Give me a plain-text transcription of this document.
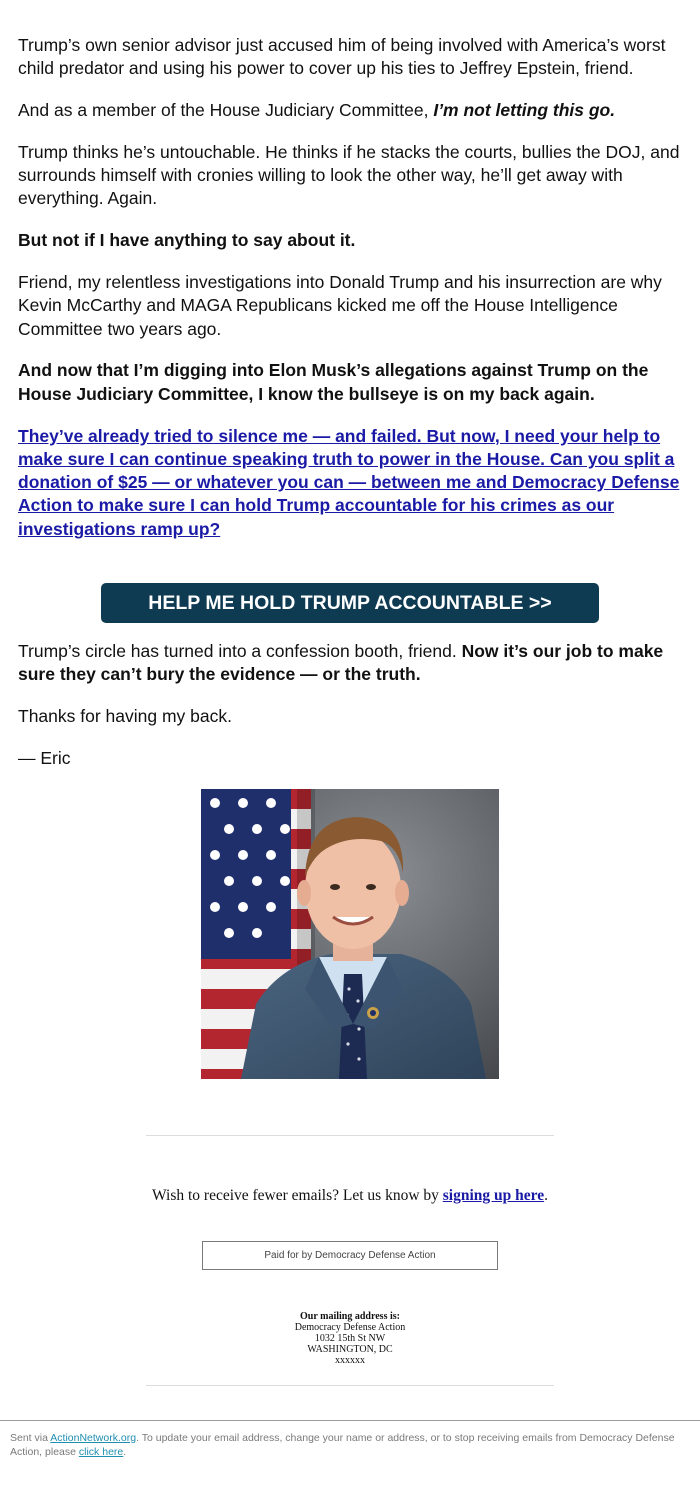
Trump’s own senior advisor just accused him of being involved with America’s worst child predator and using his power to cover up his ties to Jeffrey Epstein, friend.

And as a member of the House Judiciary Committee, I’m not letting this go.

Trump thinks he’s untouchable. He thinks if he stacks the courts, bullies the DOJ, and surrounds himself with cronies willing to look the other way, he’ll get away with everything. Again.

But not if I have anything to say about it.

Friend, my relentless investigations into Donald Trump and his insurrection are why Kevin McCarthy and MAGA Republicans kicked me off the House Intelligence Committee two years ago.

And now that I’m digging into Elon Musk’s allegations against Trump on the House Judiciary Committee, I know the bullseye is on my back again.

They’ve already tried to silence me — and failed. But now, I need your help to make sure I can continue speaking truth to power in the House. Can you split a donation of $25 — or whatever you can — between me and Democracy Defense Action to make sure I can hold Trump accountable for his crimes as our investigations ramp up?

HELP ME HOLD TRUMP ACCOUNTABLE >>

Trump’s circle has turned into a confession booth, friend. Now it’s our job to make sure they can’t bury the evidence — or the truth.

Thanks for having my back.

— Eric

Wish to receive fewer emails? Let us know by signing up here.
Paid for by Democracy Defense Action
Our mailing address is:
Democracy Defense Action
1032 15th St NW
WASHINGTON, DC
xxxxxx
Sent via ActionNetwork.org. To update your email address, change your name or address, or to stop receiving emails from Democracy Defense Action, please click here.
